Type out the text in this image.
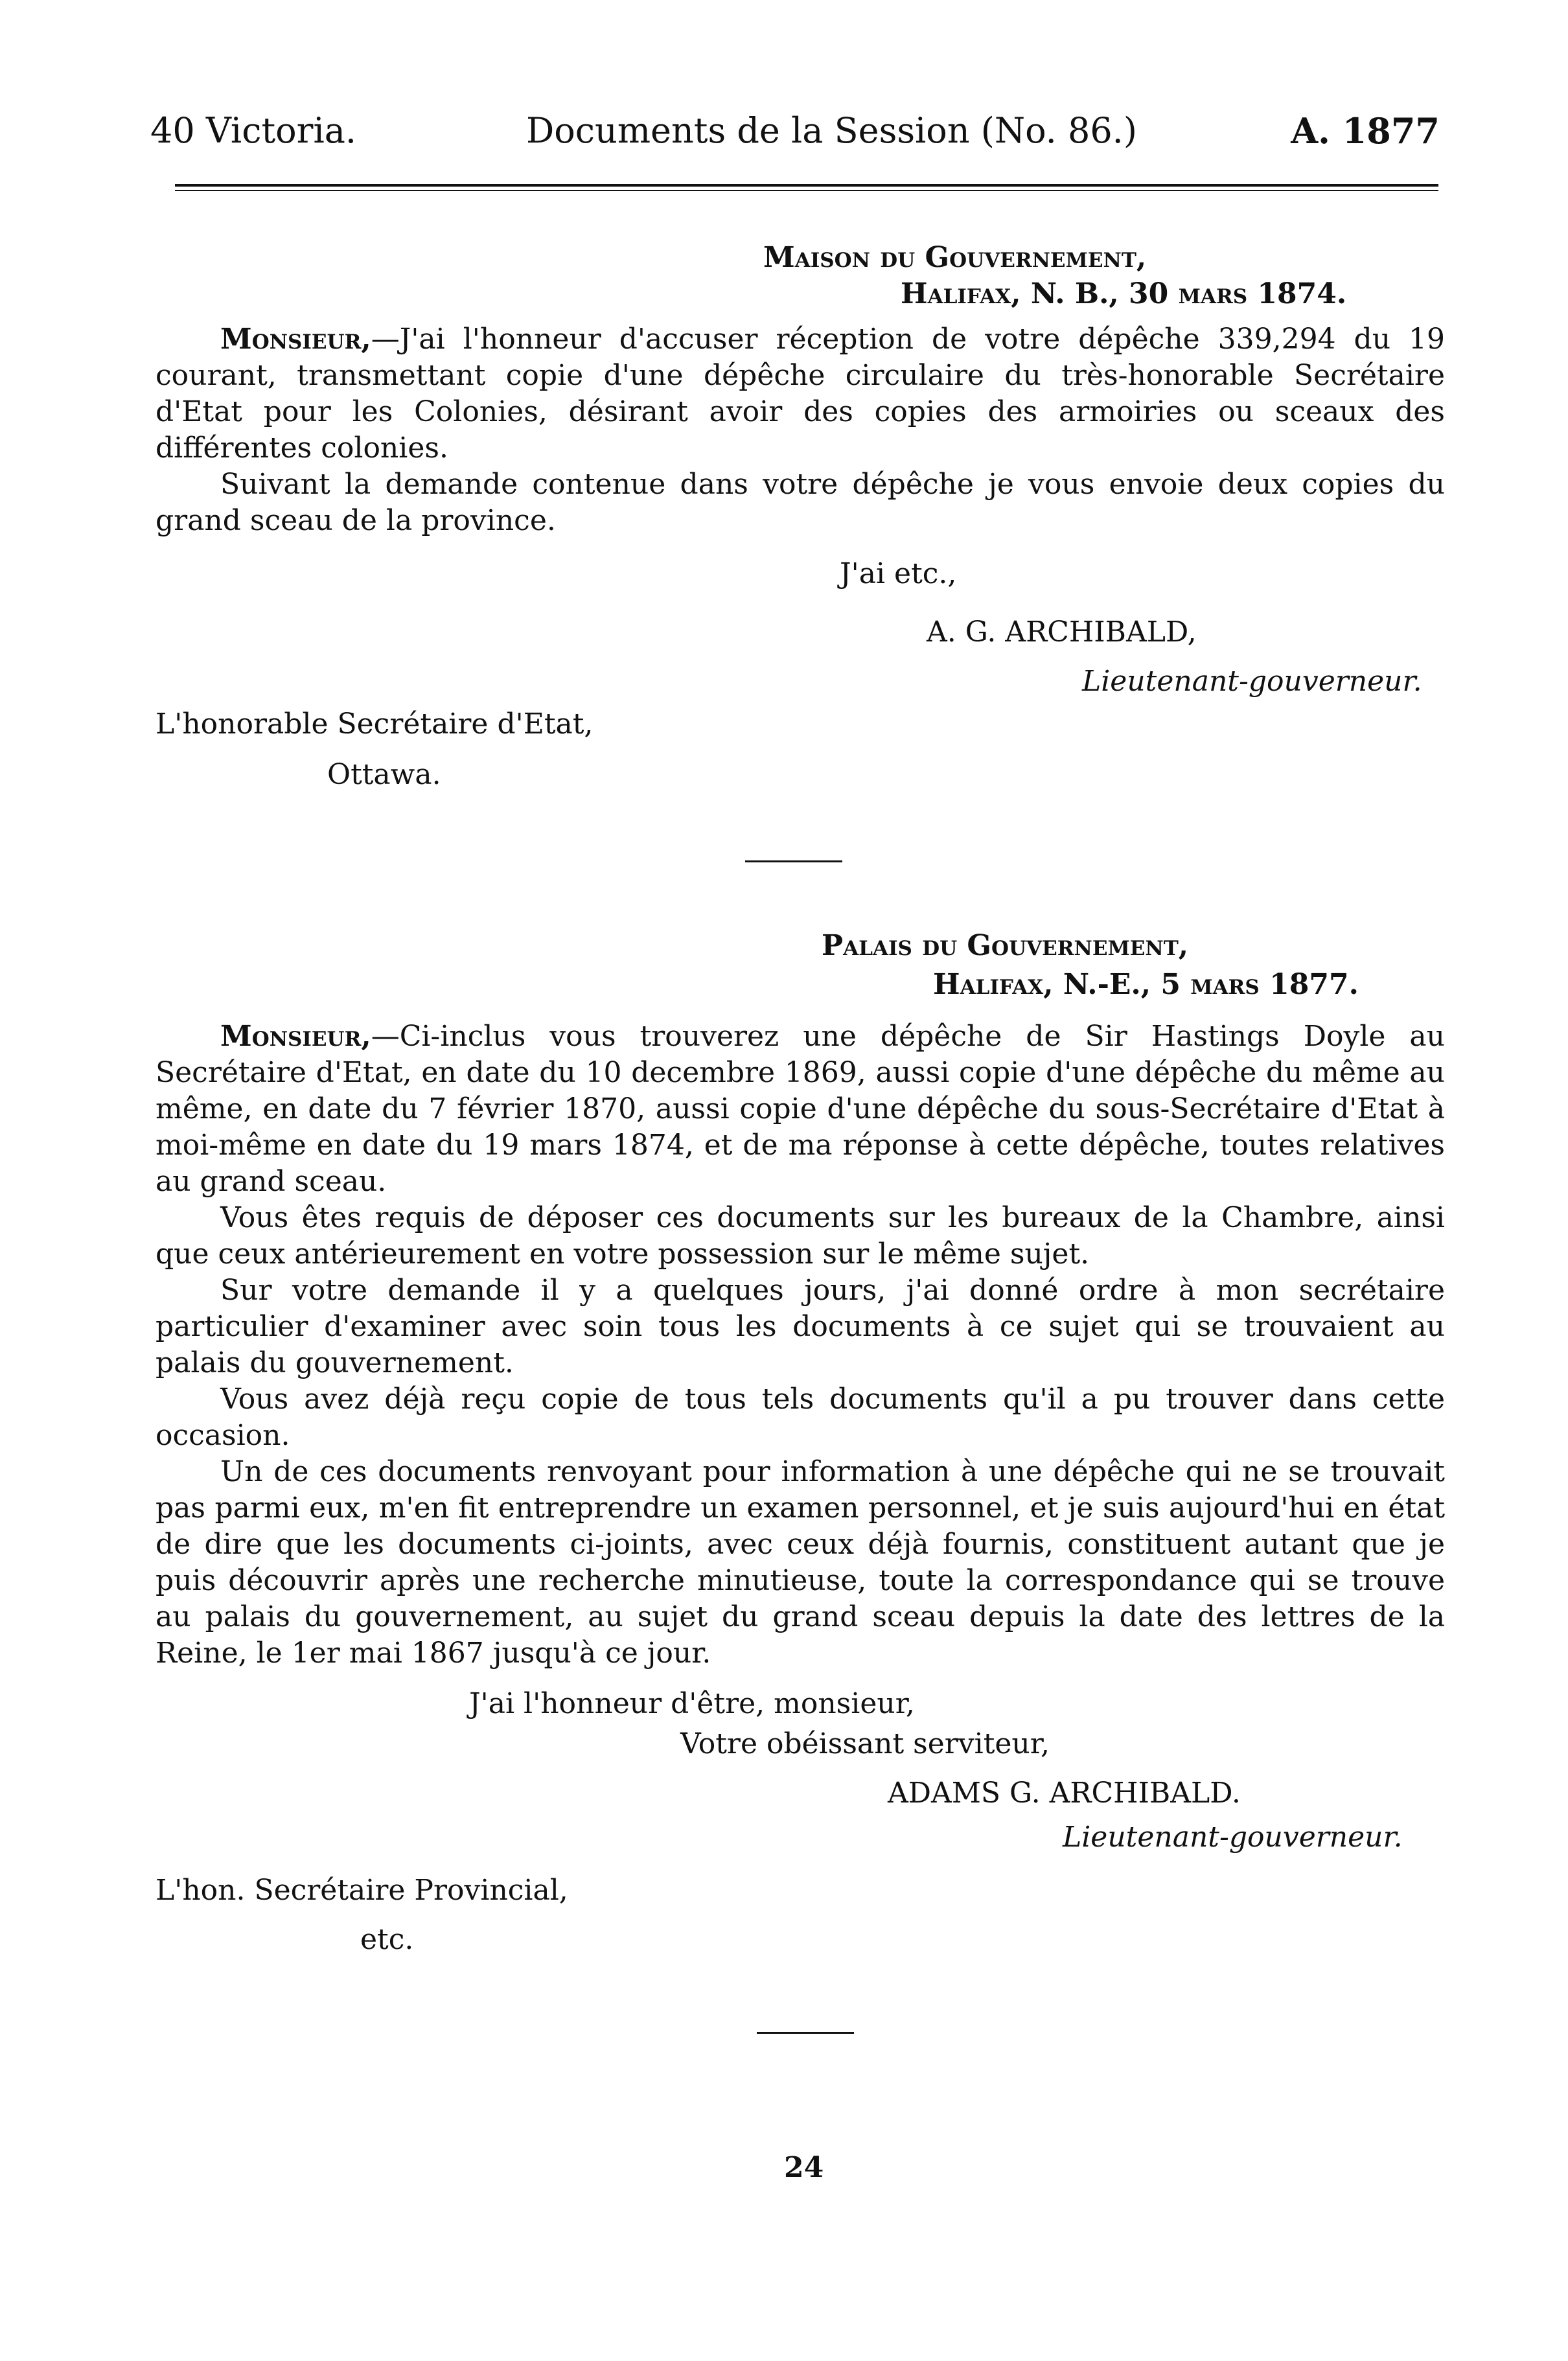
40 Victoria.	Documents de la Session (No. 86.)	A. 1877
Maison du Gouvernement,
Halifax, N. B., 30 mars 1874.

Monsieur,—J'ai l'honneur d'accuser réception de votre dépêche 339,294 du 19 courant, transmettant copie d'une dépêche circulaire du très-honorable Secrétaire d'Etat pour les Colonies, désirant avoir des copies des armoiries ou sceaux des différentes colonies.

Suivant la demande contenue dans votre dépêche je vous envoie deux copies du grand sceau de la province.

J'ai etc.,
A. G. ARCHIBALD,
Lieutenant-gouverneur.
L'honorable Secrétaire d'Etat,
Ottawa.
Palais du Gouvernement,
Halifax, N.-E., 5 mars 1877.

Monsieur,—Ci-inclus vous trouverez une dépêche de Sir Hastings Doyle au Secrétaire d'Etat, en date du 10 decembre 1869, aussi copie d'une dépêche du même au même, en date du 7 février 1870, aussi copie d'une dépêche du sous-Secrétaire d'Etat à moi-même en date du 19 mars 1874, et de ma réponse à cette dépêche, toutes relatives au grand sceau.

Vous êtes requis de déposer ces documents sur les bureaux de la Chambre, ainsi que ceux antérieurement en votre possession sur le même sujet.

Sur votre demande il y a quelques jours, j'ai donné ordre à mon secrétaire particulier d'examiner avec soin tous les documents à ce sujet qui se trouvaient au palais du gouvernement.

Vous avez déjà reçu copie de tous tels documents qu'il a pu trouver dans cette occasion.

Un de ces documents renvoyant pour information à une dépêche qui ne se trouvait pas parmi eux, m'en fit entreprendre un examen personnel, et je suis aujourd'hui en état de dire que les documents ci-joints, avec ceux déjà fournis, constituent autant que je puis découvrir après une recherche minutieuse, toute la correspondance qui se trouve au palais du gouvernement, au sujet du grand sceau depuis la date des lettres de la Reine, le 1er mai 1867 jusqu'à ce jour.

J'ai l'honneur d'être, monsieur,
Votre obéissant serviteur,
ADAMS G. ARCHIBALD.
Lieutenant-gouverneur.
L'hon. Secrétaire Provincial,
etc.
24
